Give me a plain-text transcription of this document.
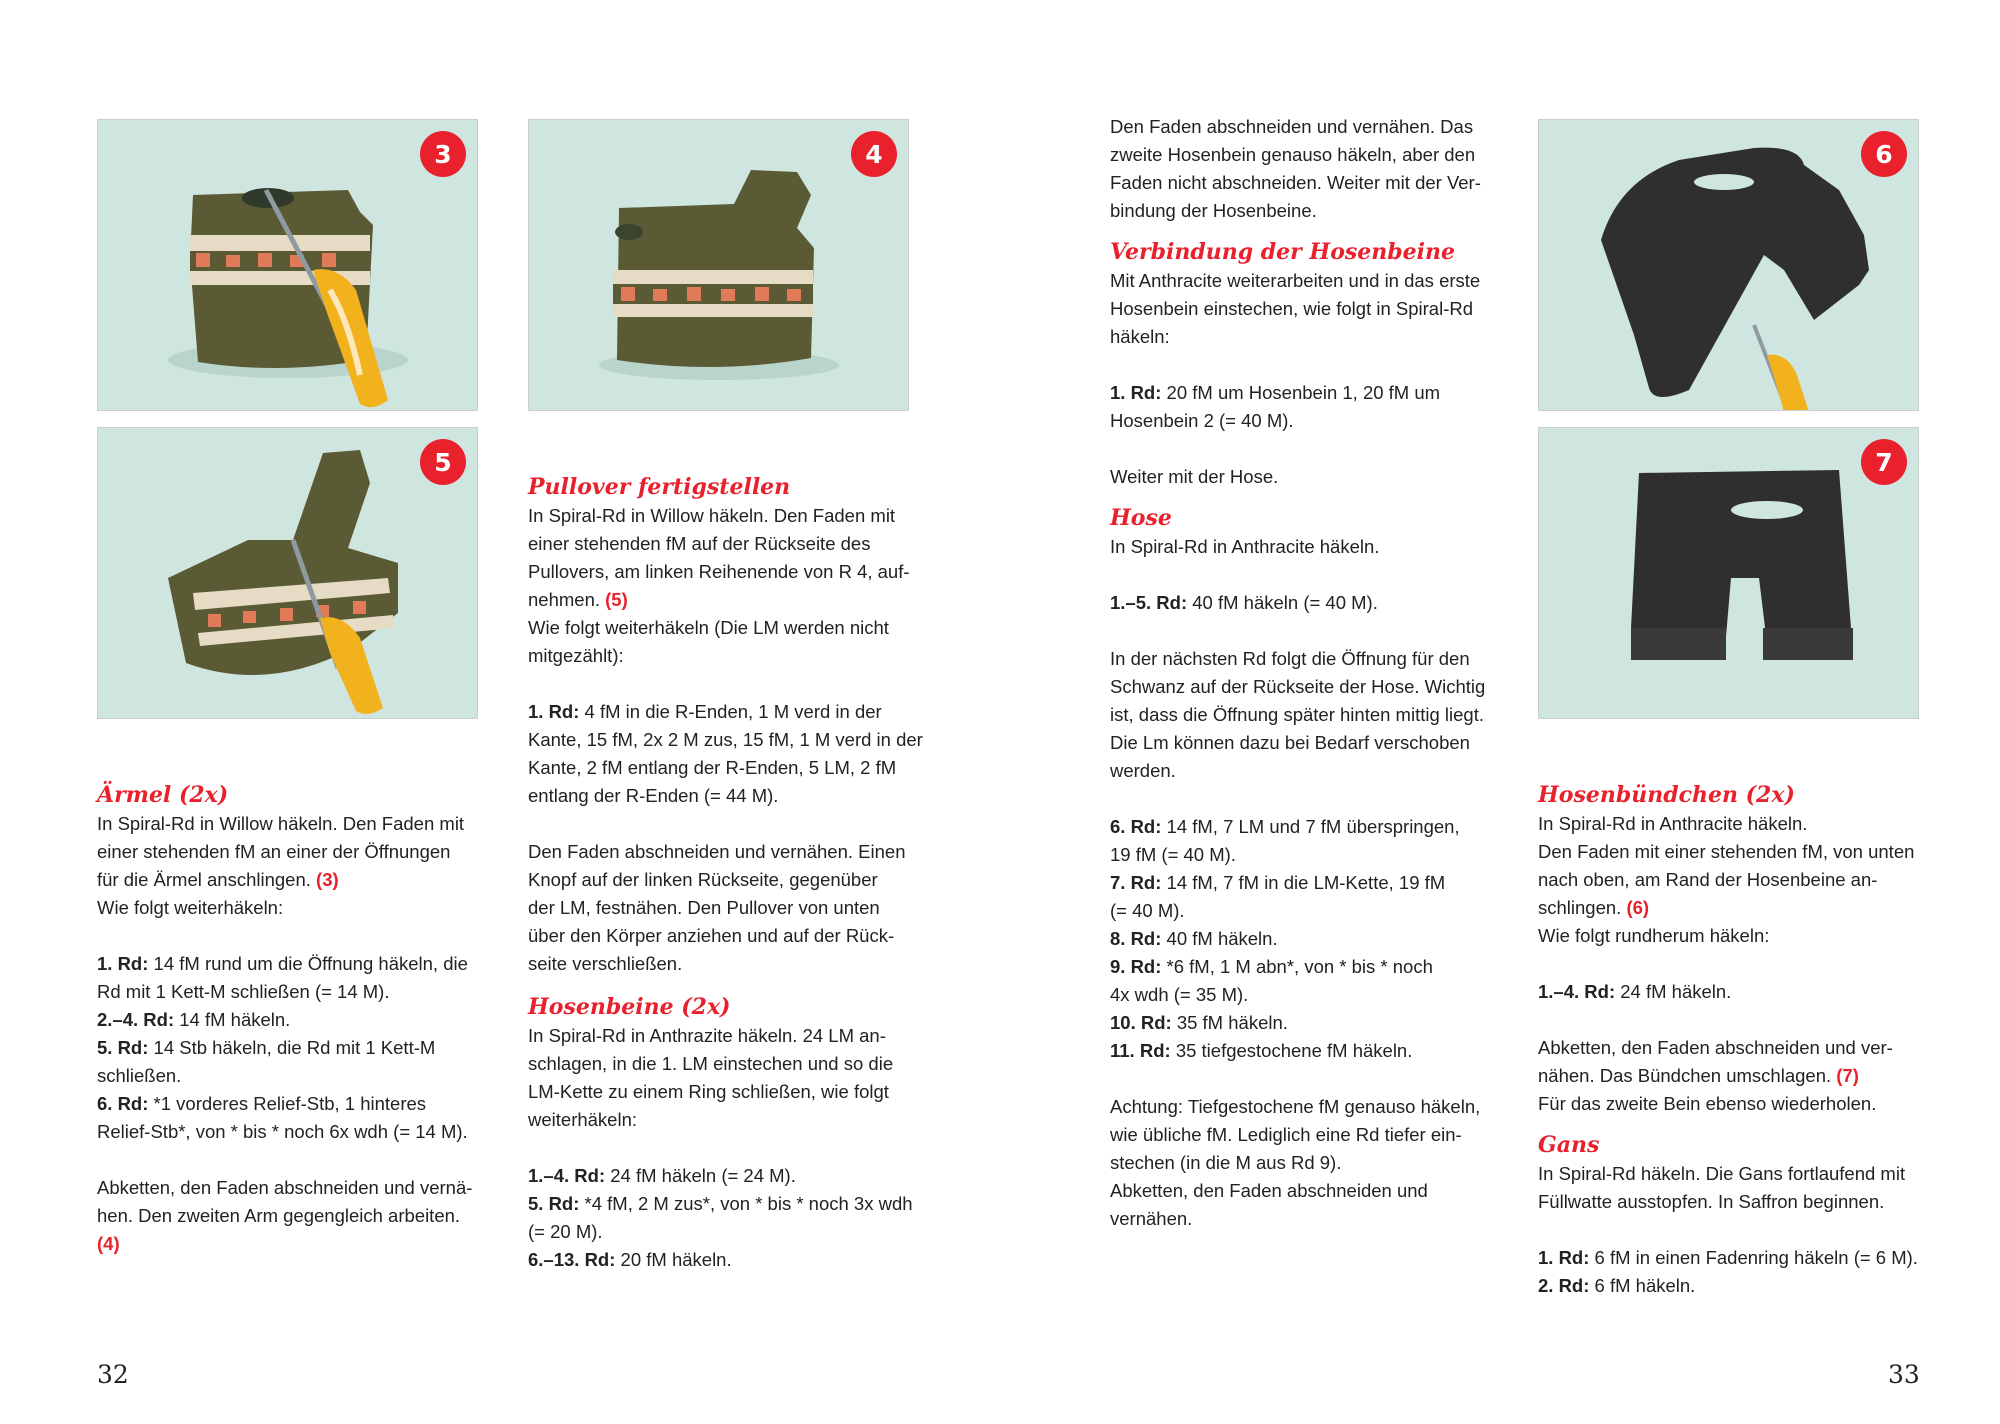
3	4
5
6
7
Ärmel (2x)

In Spiral-Rd in Willow häkeln. Den Faden mit

einer stehenden fM an einer der Öffnungen

für die Ärmel anschlingen. (3)

Wie folgt weiterhäkeln:

1. Rd: 14 fM rund um die Öffnung häkeln, die

Rd mit 1 Kett-M schließen (= 14 M).

2.–4. Rd: 14 fM häkeln.

5. Rd: 14 Stb häkeln, die Rd mit 1 Kett-M

schließen.

6. Rd: *1 vorderes Relief-Stb, 1 hinteres

Relief-Stb*, von * bis * noch 6x wdh (= 14 M).

Abketten, den Faden abschneiden und vernä-

hen. Den zweiten Arm gegengleich arbeiten.

(4)

Pullover fertigstellen

In Spiral-Rd in Willow häkeln. Den Faden mit

einer stehenden fM auf der Rückseite des

Pullovers, am linken Reihenende von R 4, auf-

nehmen. (5)

Wie folgt weiterhäkeln (Die LM werden nicht

mitgezählt):

1. Rd: 4 fM in die R-Enden, 1 M verd in der

Kante, 15 fM, 2x 2 M zus, 15 fM, 1 M verd in der

Kante, 2 fM entlang der R-Enden, 5 LM, 2 fM

entlang der R-Enden (= 44 M).

Den Faden abschneiden und vernähen. Einen

Knopf auf der linken Rückseite, gegenüber

der LM, festnähen. Den Pullover von unten

über den Körper anziehen und auf der Rück-

seite verschließen.

Hosenbeine (2x)

In Spiral-Rd in Anthrazite häkeln. 24 LM an-

schlagen, in die 1. LM einstechen und so die

LM-Kette zu einem Ring schließen, wie folgt

weiterhäkeln:

1.–4. Rd: 24 fM häkeln (= 24 M).

5. Rd: *4 fM, 2 M zus*, von * bis * noch 3x wdh

(= 20 M).

6.–13. Rd: 20 fM häkeln.

Den Faden abschneiden und vernähen. Das

zweite Hosenbein genauso häkeln, aber den

Faden nicht abschneiden. Weiter mit der Ver-

bindung der Hosenbeine.

Verbindung der Hosenbeine

Mit Anthracite weiterarbeiten und in das erste

Hosenbein einstechen, wie folgt in Spiral-Rd

häkeln:

1. Rd: 20 fM um Hosenbein 1, 20 fM um

Hosenbein 2 (= 40 M).

Weiter mit der Hose.

Hose

In Spiral-Rd in Anthracite häkeln.

1.–5. Rd: 40 fM häkeln (= 40 M).

In der nächsten Rd folgt die Öffnung für den

Schwanz auf der Rückseite der Hose. Wichtig

ist, dass die Öffnung später hinten mittig liegt.

Die Lm können dazu bei Bedarf verschoben

werden.

6. Rd: 14 fM, 7 LM und 7 fM überspringen,

19 fM (= 40 M).

7. Rd: 14 fM, 7 fM in die LM-Kette, 19 fM

(= 40 M).

8. Rd: 40 fM häkeln.

9. Rd: *6 fM, 1 M abn*, von * bis * noch

4x wdh (= 35 M).

10. Rd: 35 fM häkeln.

11. Rd: 35 tiefgestochene fM häkeln.

Achtung: Tiefgestochene fM genauso häkeln,

wie übliche fM. Lediglich eine Rd tiefer ein-

stechen (in die M aus Rd 9).

Abketten, den Faden abschneiden und

vernähen.

Hosenbündchen (2x)

In Spiral-Rd in Anthracite häkeln.

Den Faden mit einer stehenden fM, von unten

nach oben, am Rand der Hosenbeine an-

schlingen. (6)

Wie folgt rundherum häkeln:

1.–4. Rd: 24 fM häkeln.

Abketten, den Faden abschneiden und ver-

nähen. Das Bündchen umschlagen. (7)

Für das zweite Bein ebenso wiederholen.

Gans

In Spiral-Rd häkeln. Die Gans fortlaufend mit

Füllwatte ausstopfen. In Saffron beginnen.

1. Rd: 6 fM in einen Fadenring häkeln (= 6 M).

2. Rd: 6 fM häkeln.

32	33
